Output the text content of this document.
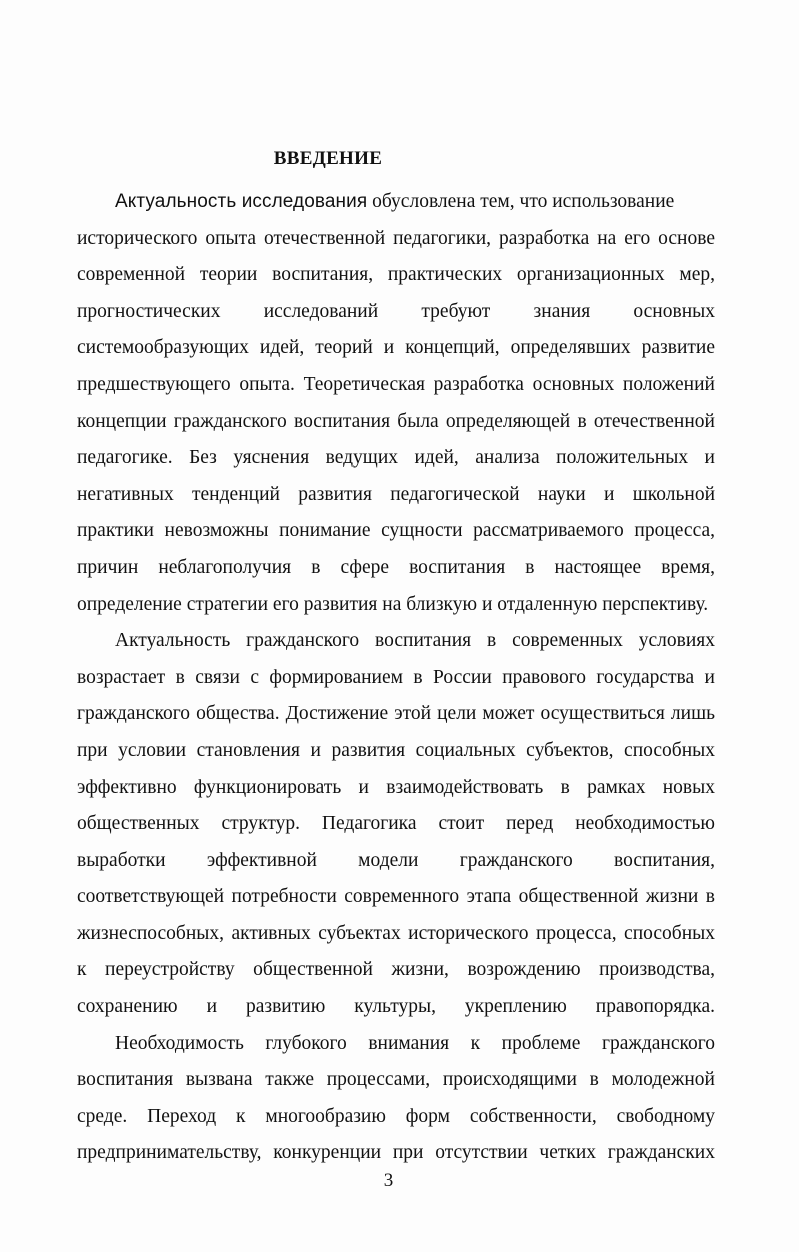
ВВЕДЕНИЕ
Актуальность исследования обусловлена тем, что использование
исторического опыта отечественной педагогики, разработка на его основе
современной теории воспитания, практических организационных мер,
прогностических исследований требуют знания основных
системообразующих идей, теорий и концепций, определявших развитие
предшествующего опыта. Теоретическая разработка основных положений
концепции гражданского воспитания была определяющей в отечественной
педагогике. Без уяснения ведущих идей, анализа положительных и
негативных тенденций развития педагогической науки и школьной
практики невозможны понимание сущности рассматриваемого процесса,
причин неблагополучия в сфере воспитания в настоящее время,
определение стратегии его развития на близкую и отдаленную перспективу.
Актуальность гражданского воспитания в современных условиях
возрастает в связи с формированием в России правового государства и
гражданского общества. Достижение этой цели может осуществиться лишь
при условии становления и развития социальных субъектов, способных
эффективно функционировать и взаимодействовать в рамках новых
общественных структур. Педагогика стоит перед необходимостью
выработки эффективной модели гражданского воспитания,
соответствующей потребности современного этапа общественной жизни в
жизнеспособных, активных субъектах исторического процесса, способных
к переустройству общественной жизни, возрождению производства,
сохранению и развитию культуры, укреплению правопорядка.
Необходимость глубокого внимания к проблеме гражданского
воспитания вызвана также процессами, происходящими в молодежной
среде. Переход к многообразию форм собственности, свободному
предпринимательству, конкуренции при отсутствии четких гражданских
3
